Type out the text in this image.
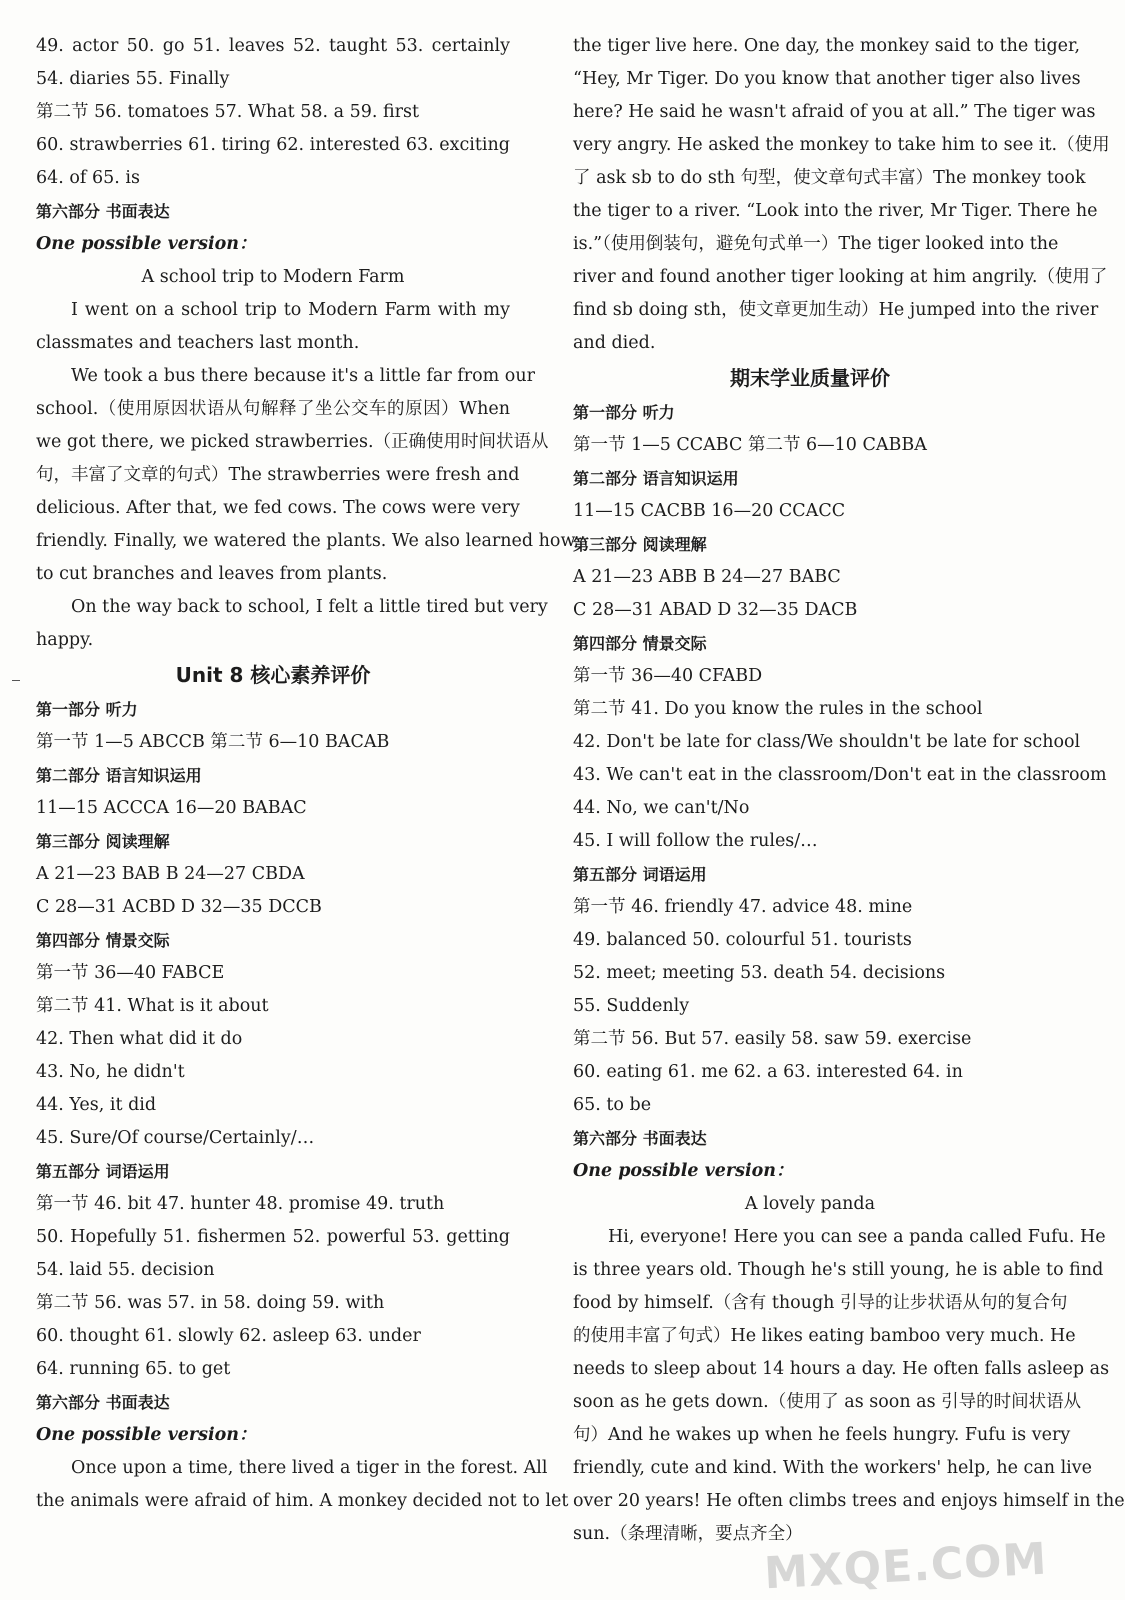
49. actor 50. go 51. leaves 52. taught 53. certainly
54. diaries 55. Finally
第二节 56. tomatoes 57. What 58. a 59. first
60. strawberries 61. tiring 62. interested 63. exciting
64. of 65. is
第六部分 书面表达
One possible version：
A school trip to Modern Farm
I went on a school trip to Modern Farm with my
classmates and teachers last month.
We took a bus there because it's a little far from our
school.（使用原因状语从句解释了坐公交车的原因）When
we got there, we picked strawberries.（正确使用时间状语从
句，丰富了文章的句式）The strawberries were fresh and
delicious. After that, we fed cows. The cows were very
friendly. Finally, we watered the plants. We also learned how
to cut branches and leaves from plants.
On the way back to school, I felt a little tired but very
happy.
Unit 8 核心素养评价
第一部分 听力
第一节 1—5 ABCCB 第二节 6—10 BACAB
第二部分 语言知识运用
11—15 ACCCA 16—20 BABAC
第三部分 阅读理解
A 21—23 BAB B 24—27 CBDA
C 28—31 ACBD D 32—35 DCCB
第四部分 情景交际
第一节 36—40 FABCE
第二节 41. What is it about
42. Then what did it do
43. No, he didn't
44. Yes, it did
45. Sure/Of course/Certainly/…
第五部分 词语运用
第一节 46. bit 47. hunter 48. promise 49. truth
50. Hopefully 51. fishermen 52. powerful 53. getting
54. laid 55. decision
第二节 56. was 57. in 58. doing 59. with
60. thought 61. slowly 62. asleep 63. under
64. running 65. to get
第六部分 书面表达
One possible version：
Once upon a time, there lived a tiger in the forest. All
the animals were afraid of him. A monkey decided not to let
the tiger live here. One day, the monkey said to the tiger,
“Hey, Mr Tiger. Do you know that another tiger also lives
here? He said he wasn't afraid of you at all.” The tiger was
very angry. He asked the monkey to take him to see it.（使用
了 ask sb to do sth 句型，使文章句式丰富）The monkey took
the tiger to a river. “Look into the river, Mr Tiger. There he
is.”（使用倒装句，避免句式单一）The tiger looked into the
river and found another tiger looking at him angrily.（使用了
find sb doing sth，使文章更加生动）He jumped into the river
and died.
期末学业质量评价
第一部分 听力
第一节 1—5 CCABC 第二节 6—10 CABBA
第二部分 语言知识运用
11—15 CACBB 16—20 CCACC
第三部分 阅读理解
A 21—23 ABB B 24—27 BABC
C 28—31 ABAD D 32—35 DACB
第四部分 情景交际
第一节 36—40 CFABD
第二节 41. Do you know the rules in the school
42. Don't be late for class/We shouldn't be late for school
43. We can't eat in the classroom/Don't eat in the classroom
44. No, we can't/No
45. I will follow the rules/…
第五部分 词语运用
第一节 46. friendly 47. advice 48. mine
49. balanced 50. colourful 51. tourists
52. meet; meeting 53. death 54. decisions
55. Suddenly
第二节 56. But 57. easily 58. saw 59. exercise
60. eating 61. me 62. a 63. interested 64. in
65. to be
第六部分 书面表达
One possible version：
A lovely panda
Hi, everyone! Here you can see a panda called Fufu. He
is three years old. Though he's still young, he is able to find
food by himself.（含有 though 引导的让步状语从句的复合句
的使用丰富了句式）He likes eating bamboo very much. He
needs to sleep about 14 hours a day. He often falls asleep as
soon as he gets down.（使用了 as soon as 引导的时间状语从
句）And he wakes up when he feels hungry. Fufu is very
friendly, cute and kind. With the workers' help, he can live
over 20 years! He often climbs trees and enjoys himself in the
sun.（条理清晰，要点齐全）
MXQE.COM
